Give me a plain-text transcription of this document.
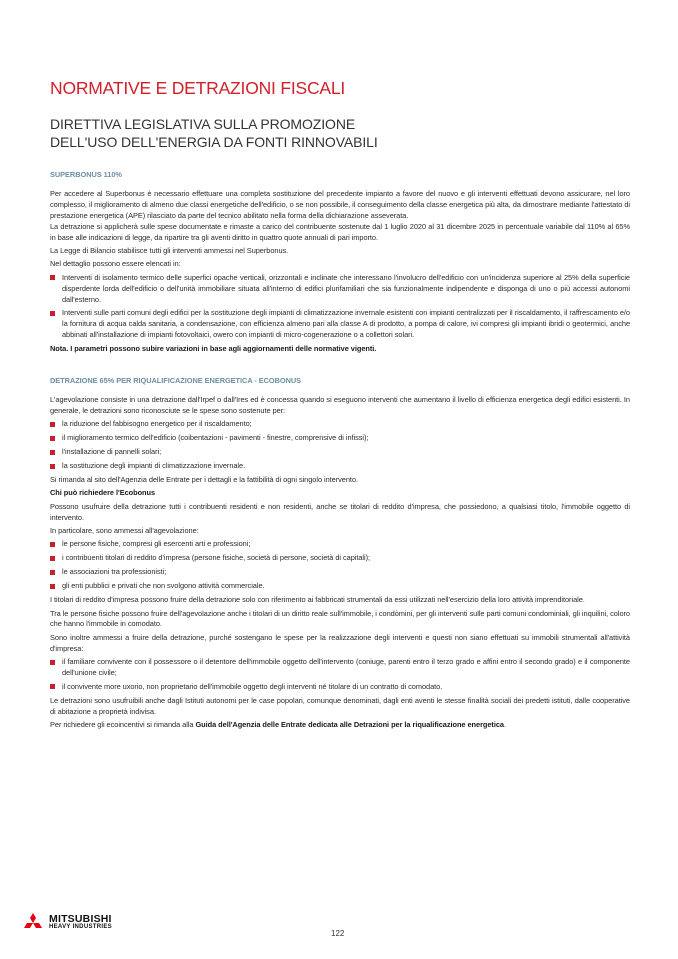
NORMATIVE E DETRAZIONI FISCALI
DIRETTIVA LEGISLATIVA SULLA PROMOZIONE
DELL'USO DELL'ENERGIA DA FONTI RINNOVABILI
SUPERBONUS 110%

Per accedere al Superbonus è necessario effettuare una completa sostituzione del precedente impianto a favore del nuovo e gli interventi effettuati devono assicurare, nel loro complesso, il miglioramento di almeno due classi energetiche dell'edificio, o se non possibile, il conseguimento della classe energetica più alta, da dimostrare mediante l'attestato di prestazione energetica (APE) rilasciato da parte del tecnico abilitato nella forma della dichiarazione asseverata.

La detrazione si applicherà sulle spese documentate e rimaste a carico del contribuente sostenute dal 1 luglio 2020 al 31 dicembre 2025 in percentuale variabile dal 110% al 65% in base alle indicazioni di legge, da ripartire tra gli aventi diritto in quattro quote annuali di pari importo.

La Legge di Bilancio stabilisce tutti gli interventi ammessi nel Superbonus.

Nel dettaglio possono essere elencati in:

Interventi di isolamento termico delle superfici opache verticali, orizzontali e inclinate che interessano l'involucro dell'edificio con un'incidenza superiore al 25% della superficie disperdente lorda dell'edificio o dell'unità immobiliare situata all'interno di edifici plurifamiliari che sia funzionalmente indipendente e disponga di uno o più accessi autonomi dall'esterno.
Interventi sulle parti comuni degli edifici per la sostituzione degli impianti di climatizzazione invernale esistenti con impianti centralizzati per il riscaldamento, il raffrescamento e/o la fornitura di acqua calda sanitaria, a condensazione, con efficienza almeno pari alla classe A di prodotto, a pompa di calore, ivi compresi gli impianti ibridi o geotermici, anche abbinati all'installazione di impianti fotovoltaici, owero con impianti di micro-cogenerazione o a collettori solari.

Nota. I parametri possono subire variazioni in base agli aggiornamenti delle normative vigenti.

DETRAZIONE 65% PER RIQUALIFICAZIONE ENERGETICA - ECOBONUS

L'agevolazione consiste in una detrazione dall'Irpef o dall'Ires ed è concessa quando si eseguono interventi che aumentano il livello di efficienza energetica degli edifici esistenti. In generale, le detrazioni sono riconosciute se le spese sono sostenute per:

la riduzione del fabbisogno energetico per il riscaldamento;
il miglioramento termico dell'edificio (coibentazioni - pavimenti - finestre, comprensive di infissi);
l'installazione di pannelli solari;
la sostituzione degli impianti di climatizzazione invernale.

Si rimanda al sito dell'Agenzia delle Entrate per i dettagli e la fattibilità di ogni singolo intervento.

Chi può richiedere l'Ecobonus

Possono usufruire della detrazione tutti i contribuenti residenti e non residenti, anche se titolari di reddito d'impresa, che possiedono, a qualsiasi titolo, l'immobile oggetto di intervento.

In particolare, sono ammessi all'agevolazione:

le persone fisiche, compresi gli esercenti arti e professioni;
i contribuenti titolari di reddito d'impresa (persone fisiche, società di persone, società di capitali);
le associazioni tra professionisti;
gli enti pubblici e privati che non svolgono attività commerciale.

I titolari di reddito d'impresa possono fruire della detrazione solo con riferimento ai fabbricati strumentali da essi utilizzati nell'esercizio della loro attività imprenditoriale.

Tra le persone fisiche possono fruire dell'agevolazione anche i titolari di un diritto reale sull'immobile, i condòmini, per gli interventi sulle parti comuni condominiali, gli inquilini, coloro che hanno l'immobile in comodato.

Sono inoltre ammessi a fruire della detrazione, purché sostengano le spese per la realizzazione degli interventi e questi non siano effettuati su immobili strumentali all'attività d'impresa:

il familiare convivente con il possessore o il detentore dell'immobile oggetto dell'intervento (coniuge, parenti entro il terzo grado e affini entro il secondo grado) e il componente dell'unione civile;
il convivente more uxorio, non proprietario dell'immobile oggetto degli interventi né titolare di un contratto di comodato.

Le detrazioni sono usufruibili anche dagli Istituti autonomi per le case popolari, comunque denominati, dagli enti aventi le stesse finalità sociali dei predetti istituti, dalle cooperative di abitazione a proprietà indivisa.

Per richiedere gli ecoincentivi si rimanda alla Guida dell'Agenzia delle Entrate dedicata alle Detrazioni per la riqualificazione energetica.

MITSUBISHI
HEAVY INDUSTRIES
122
